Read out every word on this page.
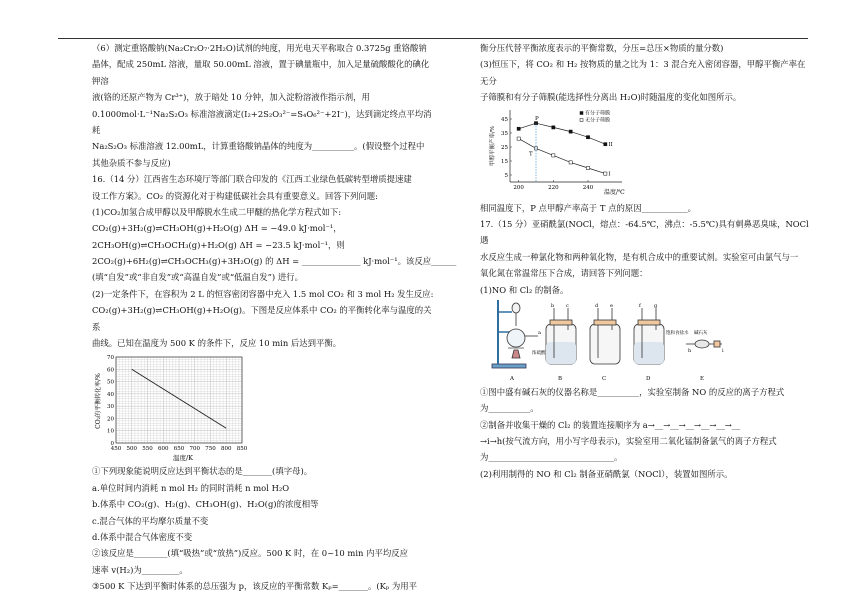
（6）测定重铬酸钠(Na₂Cr₂O₇·2H₂O)试剂的纯度，用光电天平称取合 0.3725g 重铬酸钠

晶体，配成 250mL 溶液，量取 50.00mL 溶液，置于碘量瓶中，加入足量硫酸酸化的碘化钾溶

液(铬的还原产物为 Cr³⁺)，放于暗处 10 分钟，加入淀粉溶液作指示剂，用

0.1000mol·L⁻¹Na₂S₂O₃ 标准溶液滴定(I₂+2S₂O₃²⁻=S₄O₆²⁻+2I⁻)，达到滴定终点平均消耗

Na₂S₂O₃ 标准溶液 12.00mL，计算重铬酸钠晶体的纯度为__________。(假设整个过程中

其他杂质不参与反应)

16.（14 分）江西省生态环境厅等部门联合印发的《江西工业绿色低碳转型增质提速建

设工作方案》。CO₂ 的资源化对于构建低碳社会具有重要意义。回答下列问题:

(1)CO₂加氢合成甲醇以及甲醇脱水生成二甲醚的热化学方程式如下:

CO₂(g)+3H₂(g)⇌CH₃OH(g)+H₂O(g) ΔH = −49.0 kJ·mol⁻¹，

2CH₃OH(g)⇌CH₃OCH₃(g)+H₂O(g) ΔH = −23.5 kJ·mol⁻¹，则

2CO₂(g)+6H₂(g)⇌CH₃OCH₃(g)+3H₂O(g) 的 ΔH = ______________ kJ·mol⁻¹。该反应______

(填“自发”或“非自发”或“高温自发”或“低温自发”) 进行。

(2)一定条件下，在容积为 2 L 的恒容密闭容器中充入 1.5 mol CO₂ 和 3 mol H₂ 发生反应:

CO₂(g)+3H₂(g)⇌CH₃OH(g)+H₂O(g)。下图是反应体系中 CO₂ 的平衡转化率与温度的关系

曲线。已知在温度为 500 K 的条件下，反应 10 min 后达到平衡。

450 500 550 600 650 700 750 800 850
0
10
20
30
40
50
60
70
温度/K
CO₂的平衡转化率/%

①下列现象能说明反应达到平衡状态的是_______(填字母)。

a.单位时间内消耗 n mol H₂ 的同时消耗 n mol H₂O

b.体系中 CO₂(g)、H₂(g)、CH₃OH(g)、H₂O(g)的浓度相等

c.混合气体的平均摩尔质量不变

d.体系中混合气体密度不变

②该反应是________(填“吸热”或“放热”)反应。500 K 时，在 0~10 min 内平均反应

速率 v(H₂)为_________。

③500 K 下达到平衡时体系的总压强为 p，该反应的平衡常数 Kₚ=_______。(Kₚ 为用平

衡分压代替平衡浓度表示的平衡常数，分压=总压×物质的量分数)

(3)恒压下，将 CO₂ 和 H₂ 按物质的量之比为 1：3 混合充入密闭容器，甲醇平衡产率在无分

子筛膜和有分子筛膜(能选择性分离出 H₂O)时随温度的变化如图所示。

200	220	240
5
15
25
35
45
II
I
有分子筛膜
无分子筛膜
P
T
温度/℃
甲醇平衡产率/%

相同温度下，P 点甲醇产率高于 T 点的原因___________。

17.（15 分）亚硝酰氯(NOCl，熔点：-64.5℃，沸点：-5.5℃)具有刺鼻恶臭味，NOCl 遇

水反应生成一种氯化物和两种氧化物，是有机合成中的重要试剂。实验室可由氯气与一

氧化氮在常温常压下合成，请回答下列问题：

(1)NO 和 Cl₂ 的制备。

A
a
b c
浓硫酸
B
d e
C
f	g
饱和食盐水
D
h	i
碱石灰
E

①图中盛有碱石灰的仪器名称是__________，实验室制备 NO 的反应的离子方程式

为__________。

②制备并收集干燥的 Cl₂ 的装置连接顺序为 a→__→__→__→__→__→__

→i→h(按气流方向，用小写字母表示)，实验室用二氧化锰制备氯气的离子方程式

为______________________________。

(2)利用制得的 NO 和 Cl₂ 制备亚硝酰氯（NOCl），装置如图所示。
